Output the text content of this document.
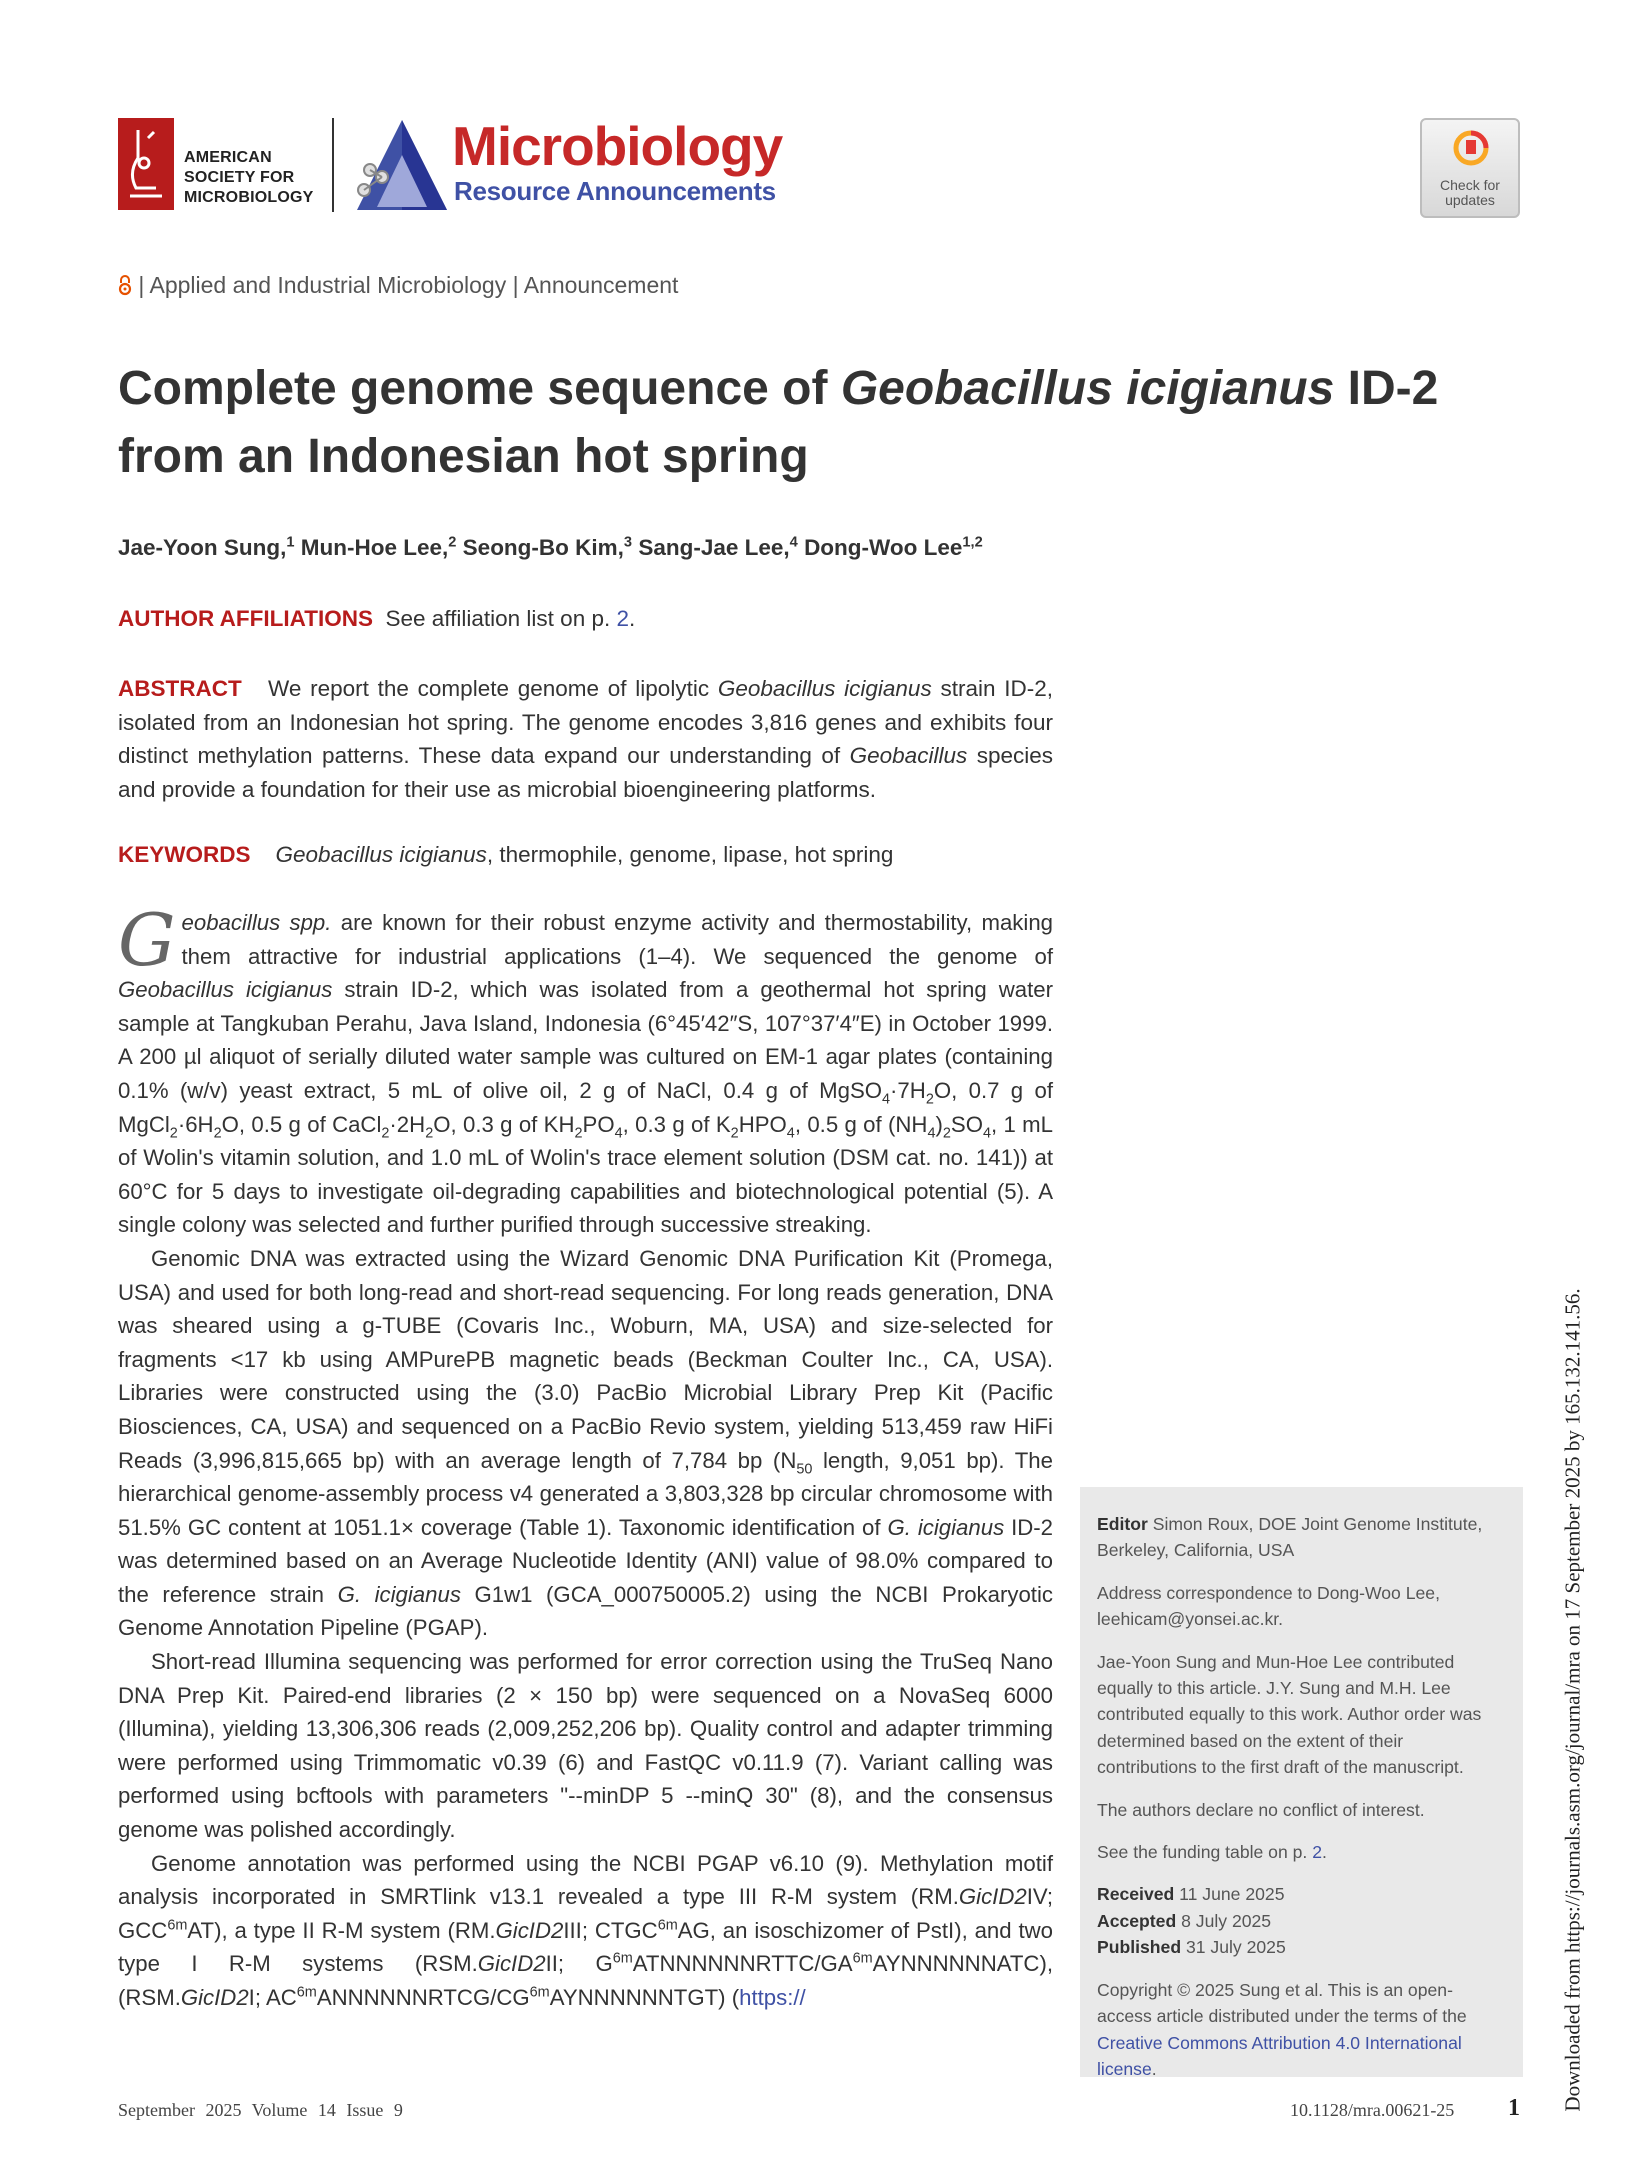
AMERICAN SOCIETY FOR MICROBIOLOGY
Microbiology
Resource Announcements	Check for updates
| Applied and Industrial Microbiology | Announcement
Complete genome sequence of Geobacillus icigianus ID-2 from an Indonesian hot spring
Jae-Yoon Sung,$^1$ Mun-Hoe Lee,$^2$ Seong-Bo Kim,$^3$ Sang-Jae Lee,$^4$ Dong-Woo Lee$^{1,2}$
AUTHOR AFFILIATIONS See affiliation list on p. 2.
ABSTRACT We report the complete genome of lipolytic Geobacillus icigianus strain ID-2, isolated from an Indonesian hot spring. The genome encodes 3,816 genes and exhibits four distinct methylation patterns. These data expand our understanding of Geobacillus species and provide a foundation for their use as microbial bioengineering platforms.
KEYWORDS Geobacillus icigianus, thermophile, genome, lipase, hot spring

Geobacillus spp. are known for their robust enzyme activity and thermostability, making them attractive for industrial applications (1–4). We sequenced the genome of Geobacillus icigianus strain ID-2, which was isolated from a geothermal hot spring water sample at Tangkuban Perahu, Java Island, Indonesia (6°45′42″S, 107°37′4″E) in October 1999. A 200 µl aliquot of serially diluted water sample was cultured on EM-1 agar plates (containing 0.1% (w/v) yeast extract, 5 mL of olive oil, 2 g of NaCl, 0.4 g of $MgSO_4\cdot 7H_2O$, 0.7 g of $MgCl_2\cdot 6H_2O$, 0.5 g of $CaCl_2\cdot 2H_2O$, 0.3 g of $KH_2PO_4$, 0.3 g of $K_2HPO_4$, 0.5 g of $(NH_4)_2SO_4$, 1 mL of Wolin's vitamin solution, and 1.0 mL of Wolin's trace element solution (DSM cat. no. 141)) at 60°C for 5 days to investigate oil-degrading capabilities and biotechnological potential (5). A single colony was selected and further purified through successive streaking.

Genomic DNA was extracted using the Wizard Genomic DNA Purification Kit (Promega, USA) and used for both long-read and short-read sequencing. For long reads generation, DNA was sheared using a g-TUBE (Covaris Inc., Woburn, MA, USA) and size-selected for fragments <17 kb using AMPurePB magnetic beads (Beckman Coulter Inc., CA, USA). Libraries were constructed using the (3.0) PacBio Microbial Library Prep Kit (Pacific Biosciences, CA, USA) and sequenced on a PacBio Revio system, yielding 513,459 raw HiFi Reads (3,996,815,665 bp) with an average length of 7,784 bp ($N_{50}$ length, 9,051 bp). The hierarchical genome-assembly process v4 generated a 3,803,328 bp circular chromosome with 51.5% GC content at 1051.1× coverage (Table 1). Taxonomic identification of G. icigianus ID-2 was determined based on an Average Nucleotide Identity (ANI) value of 98.0% compared to the reference strain G. icigianus G1w1 (GCA_000750005.2) using the NCBI Prokaryotic Genome Annotation Pipeline (PGAP).

Short-read Illumina sequencing was performed for error correction using the TruSeq Nano DNA Prep Kit. Paired-end libraries (2 × 150 bp) were sequenced on a NovaSeq 6000 (Illumina), yielding 13,306,306 reads (2,009,252,206 bp). Quality control and adapter trimming were performed using Trimmomatic v0.39 (6) and FastQC v0.11.9 (7). Variant calling was performed using bcftools with parameters "--minDP 5 --minQ 30" (8), and the consensus genome was polished accordingly.

Genome annotation was performed using the NCBI PGAP v6.10 (9). Methylation motif analysis incorporated in SMRTlink v13.1 revealed a type III R-M system (RM.GicID2IV; $GCC^{6m}AT$), a type II R-M system (RM.GicID2III; $CTGC^{6m}AG$, an isoschizomer of PstI), and two type I R-M systems (RSM.GicID2II; $G^{6m}ATNNNNNNRTTC/GA^{6m}AYNNNNNNATC$), (RSM.GicID2I; $AC^{6m}ANNNNNNRTCG/CG^{6m}AYNNNNNNTGT$) (https://

Editor Simon Roux, DOE Joint Genome Institute, Berkeley, California, USA

Address correspondence to Dong-Woo Lee, leehicam@yonsei.ac.kr.

Jae-Yoon Sung and Mun-Hoe Lee contributed equally to this article. J.Y. Sung and M.H. Lee contributed equally to this work. Author order was determined based on the extent of their contributions to the first draft of the manuscript.

The authors declare no conflict of interest.

See the funding table on p. 2.

Received 11 June 2025

Accepted 8 July 2025

Published 31 July 2025

Copyright © 2025 Sung et al. This is an open-access article distributed under the terms of the Creative Commons Attribution 4.0 International license.	Downloaded from https://journals.asm.org/journal/mra on 17 September 2025 by 165.132.141.56.
September 2025 Volume 14 Issue 9	10.1128/mra.00621-25 1
